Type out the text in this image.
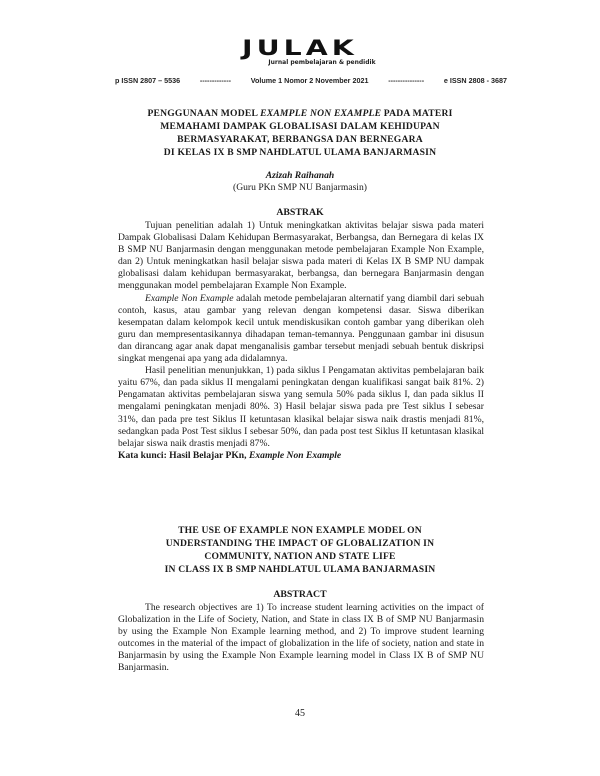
JULAK
Jurnal pembelajaran & pendidik
p ISSN 2807 – 5536	-------------	Volume 1 Nomor 2 November 2021	---------------	e ISSN 2808 - 3687
PENGGUNAAN MODEL EXAMPLE NON EXAMPLE PADA MATERI
MEMAHAMI DAMPAK GLOBALISASI DALAM KEHIDUPAN
BERMASYARAKAT, BERBANGSA DAN BERNEGARA
DI KELAS IX B SMP NAHDLATUL ULAMA BANJARMASIN
Azizah Raihanah
(Guru PKn SMP NU Banjarmasin)
ABSTRAK

Tujuan penelitian adalah 1) Untuk meningkatkan aktivitas belajar siswa pada materi Dampak Globalisasi Dalam Kehidupan Bermasyarakat, Berbangsa, dan Bernegara di kelas IX B SMP NU Banjarmasin dengan menggunakan metode pembelajaran Example Non Example, dan 2) Untuk meningkatkan hasil belajar siswa pada materi di Kelas IX B SMP NU dampak globalisasi dalam kehidupan bermasyarakat, berbangsa, dan bernegara Banjarmasin dengan menggunakan model pembelajaran Example Non Example.

Example Non Example adalah metode pembelajaran alternatif yang diambil dari sebuah contoh, kasus, atau gambar yang relevan dengan kompetensi dasar. Siswa diberikan kesempatan dalam kelompok kecil untuk mendiskusikan contoh gambar yang diberikan oleh guru dan mempresentasikannya dihadapan teman-temannya. Penggunaan gambar ini disusun dan dirancang agar anak dapat menganalisis gambar tersebut menjadi sebuah bentuk diskripsi singkat mengenai apa yang ada didalamnya.

Hasil penelitian menunjukkan, 1) pada siklus I Pengamatan aktivitas pembelajaran baik yaitu 67%, dan pada siklus II mengalami peningkatan dengan kualifikasi sangat baik 81%. 2) Pengamatan aktivitas pembelajaran siswa yang semula 50% pada siklus I, dan pada siklus II mengalami peningkatan menjadi 80%. 3) Hasil belajar siswa pada pre Test siklus I sebesar 31%, dan pada pre test Siklus II ketuntasan klasikal belajar siswa naik drastis menjadi 81%, sedangkan pada Post Test siklus I sebesar 50%, dan pada post test Siklus II ketuntasan klasikal belajar siswa naik drastis menjadi 87%.

Kata kunci: Hasil Belajar PKn, Example Non Example

THE USE OF EXAMPLE NON EXAMPLE MODEL ON
UNDERSTANDING THE IMPACT OF GLOBALIZATION IN
COMMUNITY, NATION AND STATE LIFE
IN CLASS IX B SMP NAHDLATUL ULAMA BANJARMASIN
ABSTRACT

The research objectives are 1) To increase student learning activities on the impact of Globalization in the Life of Society, Nation, and State in class IX B of SMP NU Banjarmasin by using the Example Non Example learning method, and 2) To improve student learning outcomes in the material of the impact of globalization in the life of society, nation and state in Banjarmasin by using the Example Non Example learning model in Class IX B of SMP NU Banjarmasin.

45
